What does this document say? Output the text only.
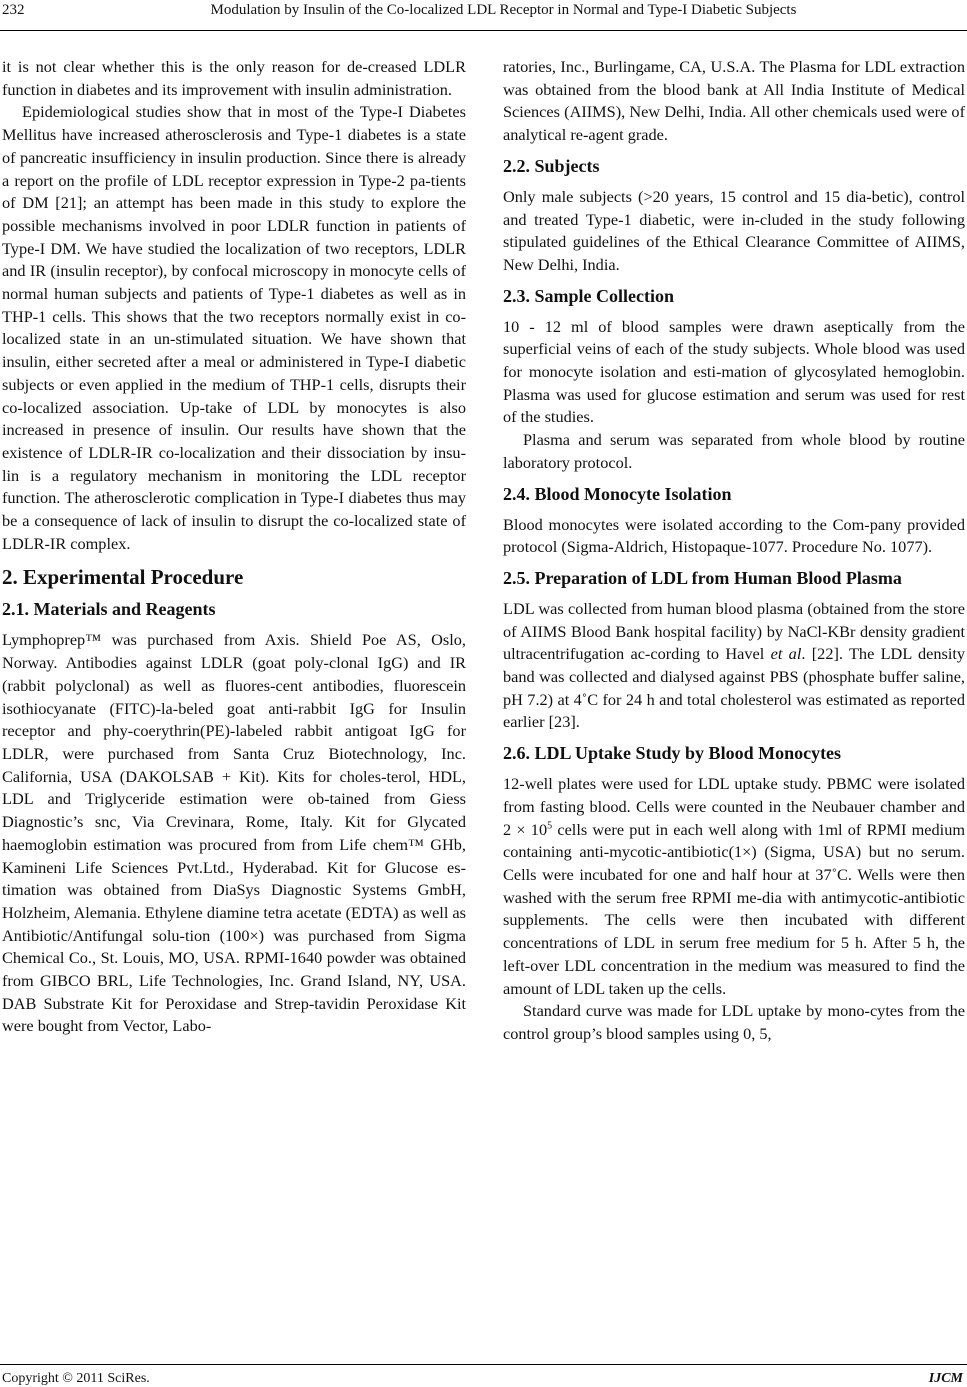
232	Modulation by Insulin of the Co-localized LDL Receptor in Normal and Type-I Diabetic Subjects

it is not clear whether this is the only reason for de-creased LDLR function in diabetes and its improvement with insulin administration.

Epidemiological studies show that in most of the Type-I Diabetes Mellitus have increased atherosclerosis and Type-1 diabetes is a state of pancreatic insufficiency in insulin production. Since there is already a report on the profile of LDL receptor expression in Type-2 pa-tients of DM [21]; an attempt has been made in this study to explore the possible mechanisms involved in poor LDLR function in patients of Type-I DM. We have studied the localization of two receptors, LDLR and IR (insulin receptor), by confocal microscopy in monocyte cells of normal human subjects and patients of Type-1 diabetes as well as in THP-1 cells. This shows that the two receptors normally exist in co-localized state in an un-stimulated situation. We have shown that insulin, either secreted after a meal or administered in Type-I diabetic subjects or even applied in the medium of THP-1 cells, disrupts their co-localized association. Up-take of LDL by monocytes is also increased in presence of insulin. Our results have shown that the existence of LDLR-IR co-localization and their dissociation by insu-lin is a regulatory mechanism in monitoring the LDL receptor function. The atherosclerotic complication in Type-I diabetes thus may be a consequence of lack of insulin to disrupt the co-localized state of LDLR-IR complex.

2. Experimental Procedure
2.1. Materials and Reagents

Lymphoprep™ was purchased from Axis. Shield Poe AS, Oslo, Norway. Antibodies against LDLR (goat poly-clonal IgG) and IR (rabbit polyclonal) as well as fluores-cent antibodies, fluorescein isothiocyanate (FITC)-la-beled goat anti-rabbit IgG for Insulin receptor and phy-coerythrin(PE)-labeled rabbit antigoat IgG for LDLR, were purchased from Santa Cruz Biotechnology, Inc. California, USA (DAKOLSAB + Kit). Kits for choles-terol, HDL, LDL and Triglyceride estimation were ob-tained from Giess Diagnostic’s snc, Via Crevinara, Rome, Italy. Kit for Glycated haemoglobin estimation was procured from from Life chem™ GHb, Kamineni Life Sciences Pvt.Ltd., Hyderabad. Kit for Glucose es-timation was obtained from DiaSys Diagnostic Systems GmbH, Holzheim, Alemania. Ethylene diamine tetra acetate (EDTA) as well as Antibiotic/Antifungal solu-tion (100×) was purchased from Sigma Chemical Co., St. Louis, MO, USA. RPMI-1640 powder was obtained from GIBCO BRL, Life Technologies, Inc. Grand Island, NY, USA. DAB Substrate Kit for Peroxidase and Strep-tavidin Peroxidase Kit were bought from Vector, Labo-

ratories, Inc., Burlingame, CA, U.S.A. The Plasma for LDL extraction was obtained from the blood bank at All India Institute of Medical Sciences (AIIMS), New Delhi, India. All other chemicals used were of analytical re-agent grade.

2.2. Subjects

Only male subjects (>20 years, 15 control and 15 dia-betic), control and treated Type-1 diabetic, were in-cluded in the study following stipulated guidelines of the Ethical Clearance Committee of AIIMS, New Delhi, India.

2.3. Sample Collection

10 - 12 ml of blood samples were drawn aseptically from the superficial veins of each of the study subjects. Whole blood was used for monocyte isolation and esti-mation of glycosylated hemoglobin. Plasma was used for glucose estimation and serum was used for rest of the studies.

Plasma and serum was separated from whole blood by routine laboratory protocol.

2.4. Blood Monocyte Isolation

Blood monocytes were isolated according to the Com-pany provided protocol (Sigma-Aldrich, Histopaque-1077. Procedure No. 1077).

2.5. Preparation of LDL from Human Blood Plasma

LDL was collected from human blood plasma (obtained from the store of AIIMS Blood Bank hospital facility) by NaCl-KBr density gradient ultracentrifugation ac-cording to Havel et al. [22]. The LDL density band was collected and dialysed against PBS (phosphate buffer saline, pH 7.2) at 4˚C for 24 h and total cholesterol was estimated as reported earlier [23].

2.6. LDL Uptake Study by Blood Monocytes

12-well plates were used for LDL uptake study. PBMC were isolated from fasting blood. Cells were counted in the Neubauer chamber and $2 \times 10^5$ cells were put in each well along with 1ml of RPMI medium containing anti-mycotic-antibiotic(1×) (Sigma, USA) but no serum. Cells were incubated for one and half hour at 37˚C. Wells were then washed with the serum free RPMI me-dia with antimycotic-antibiotic supplements. The cells were then incubated with different concentrations of LDL in serum free medium for 5 h. After 5 h, the left-over LDL concentration in the medium was measured to find the amount of LDL taken up the cells.

Standard curve was made for LDL uptake by mono-cytes from the control group’s blood samples using 0, 5,

Copyright © 2011 SciRes.	IJCM
